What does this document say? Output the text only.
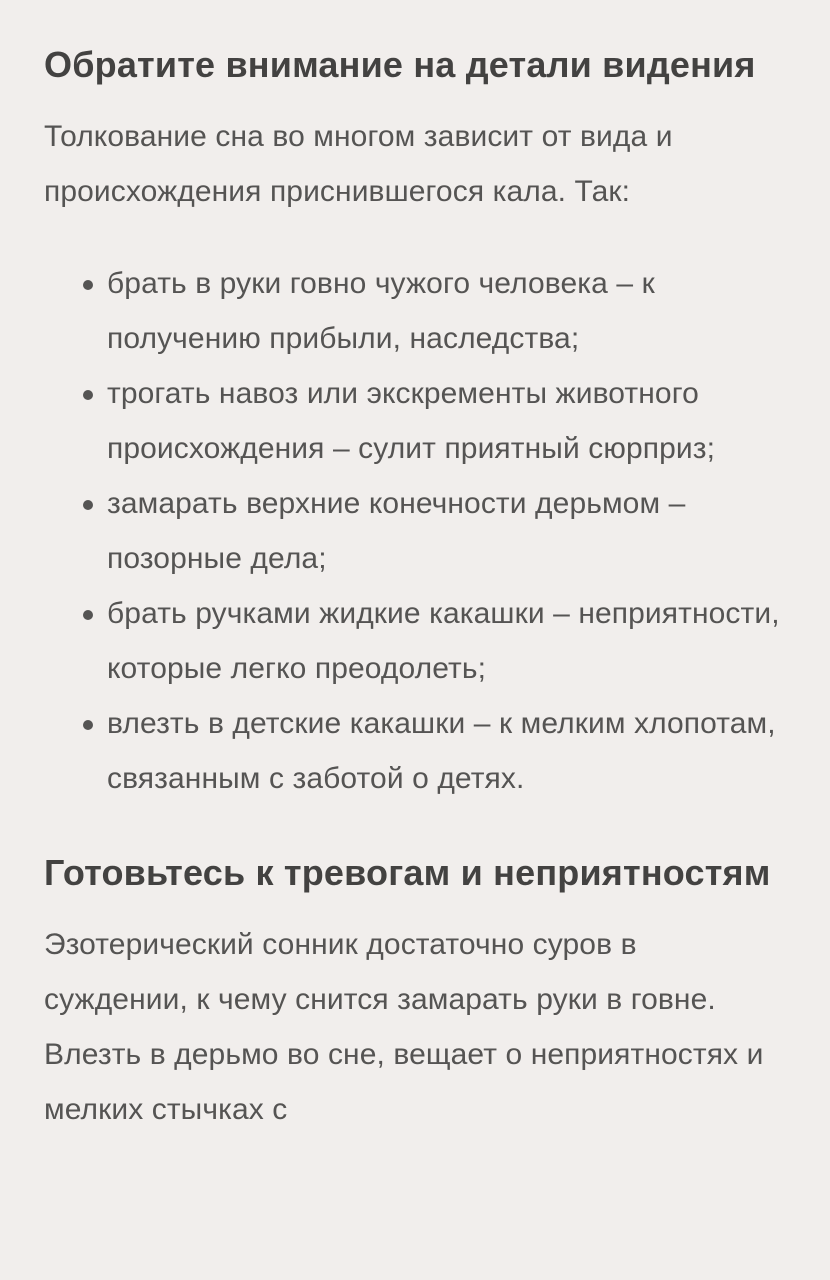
Обратите внимание на детали видения

Толкование сна во многом зависит от вида и происхождения приснившегося кала. Так:

брать в руки говно чужого человека – к получению прибыли, наследства;
трогать навоз или экскременты животного происхождения – сулит приятный сюрприз;
замарать верхние конечности дерьмом – позорные дела;
брать ручками жидкие какашки – неприятности, которые легко преодолеть;
влезть в детские какашки – к мелким хлопотам, связанным с заботой о детях.
Готовьтесь к тревогам и неприятностям

Эзотерический сонник достаточно суров в суждении, к чему снится замарать руки в говне. Влезть в дерьмо во сне, вещает о неприятностях и мелких стычках с
